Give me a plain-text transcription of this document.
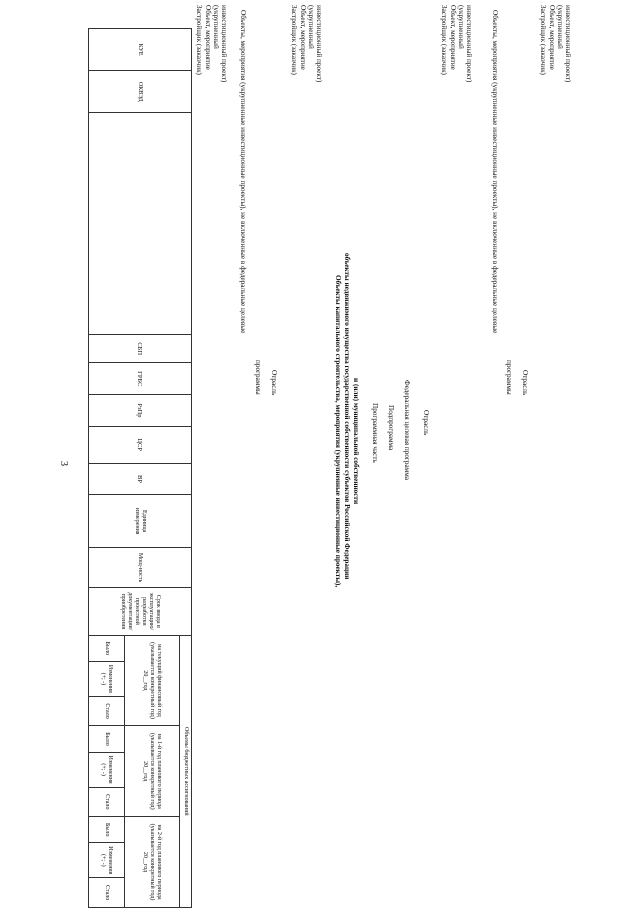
3
КУЕ	ОКВЭД		СБП	ГРБС	РзПр	ЦСР	ВР	Единица измерения	Мощ-ность	Срок ввода в эксплуатацию/ разработки проектной документации/ приобретения	Объемы бюджетных ассигнований								
											на текущий финансовый год (указывается конкретный год) 20__год			на 1-й год планового периода (указывается конкретный год) 20__год			на 2-й год планового периода (указывается конкретный год) 20__год		
											Было	Изменения (+; -)	Стало	Было	Изменения (+; -)	Стало	Было	Изменения (+; -)	Стало
Застройщик (заказчик) Объект, мероприятие (укрупненный инвестиционный проект) Объекты, мероприятия (укрупненные инвестиционные проекты), не включенные в федеральные целевые
программы Отрасль
Застройщик (заказчик) Объект, мероприятие (укрупненный инвестиционный проект)
Объекты капитального строительства, мероприятия (укрупненные инвестиционные проекты), объекты недвижимого имущества государственной собственности субъектов Российской Федерации и (или) муниципальной собственности Программная часть Подпрограмма Федеральная целевая программа Отрасль
Застройщик (заказчик) Объект, мероприятие (укрупненный инвестиционный проект)	Объекты, мероприятия (укрупненные инвестиционные проекты), не включенные в федеральные целевые
программы Отрасль
Застройщик (заказчик) Объект, мероприятие (укрупненный инвестиционный проект)
